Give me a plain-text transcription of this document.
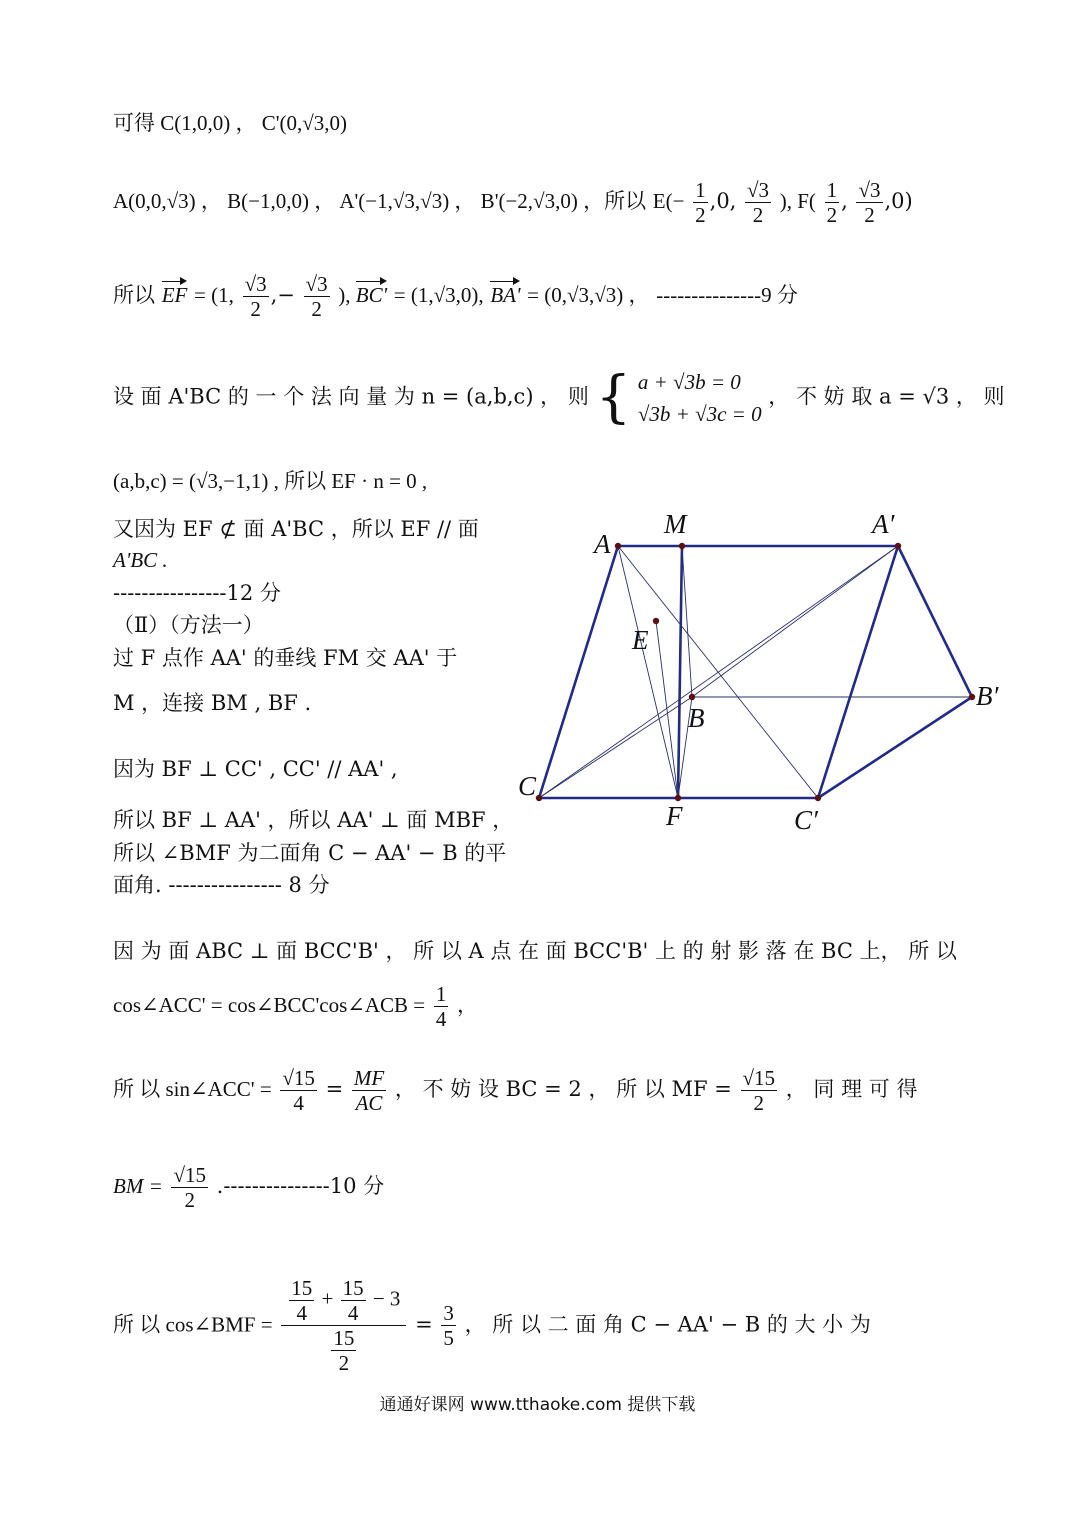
可得 C(1,0,0) ， C'(0,√3,0)
A(0,0,√3) ， B(−1,0,0) ， A'(−1,√3,√3) ， B'(−2,√3,0) ，所以 $E(- \frac{1}{2} ,0$, $\frac{√3}{2}$ ), $F( \frac{1}{2}$ , $\frac{√3}{2} ,0$)
所以 EF = (1, $\frac{√3}{2}$ ,− $\frac{√3}{2}$ ), BC' = (1,√3,0), BA' = (0,√3,√3) ， ---------------9 分
设 面 A'BC 的 一 个 法 向 量 为 n = (a,b,c) ， 则 { a + √3b = 0
√3b + √3c = 0
， 不 妨 取 a = √3 ， 则
(a,b,c) = (√3,−1,1) , 所以 EF · n = 0 ,
又因为 EF ⊄ 面 A'BC ，所以 EF // 面
A'BC .
----------------12 分
（Ⅱ）（方法一）
过 F 点作 AA' 的垂线 FM 交 AA' 于
M ，连接 BM , BF .
因为 BF ⊥ CC' , CC' // AA' ,
所以 BF ⊥ AA' ，所以 AA' ⊥ 面 MBF ，
所以 ∠BMF 为二面角 C − AA' − B 的平
面角. ---------------- 8 分
A
M	A′
E
B
B′
C
F	C′
因 为 面 ABC ⊥ 面 BCC'B' ， 所 以 A 点 在 面 BCC'B' 上 的 射 影 落 在 BC 上， 所 以
cos∠ACC' = cos∠BCC'cos∠ACB = $\frac{1}{4}$ ，
所 以 sin∠ACC' = $\frac{√15}{4} = \frac{MF}{AC}$ ， 不 妨 设 BC = 2 ， 所 以 MF = $\frac{√15}{2}$ ， 同 理 可 得
BM = $\frac{√15}{2} .---------------10$ 分
所 以 cos∠BMF = $\frac{\frac{15}{4} + \frac{15}{4} - 3}{\frac{15}{2}} = \frac{3}{5}$ ， 所 以 二 面 角 C − AA' − B 的 大 小 为
通通好课网 www.tthaoke.com 提供下载
